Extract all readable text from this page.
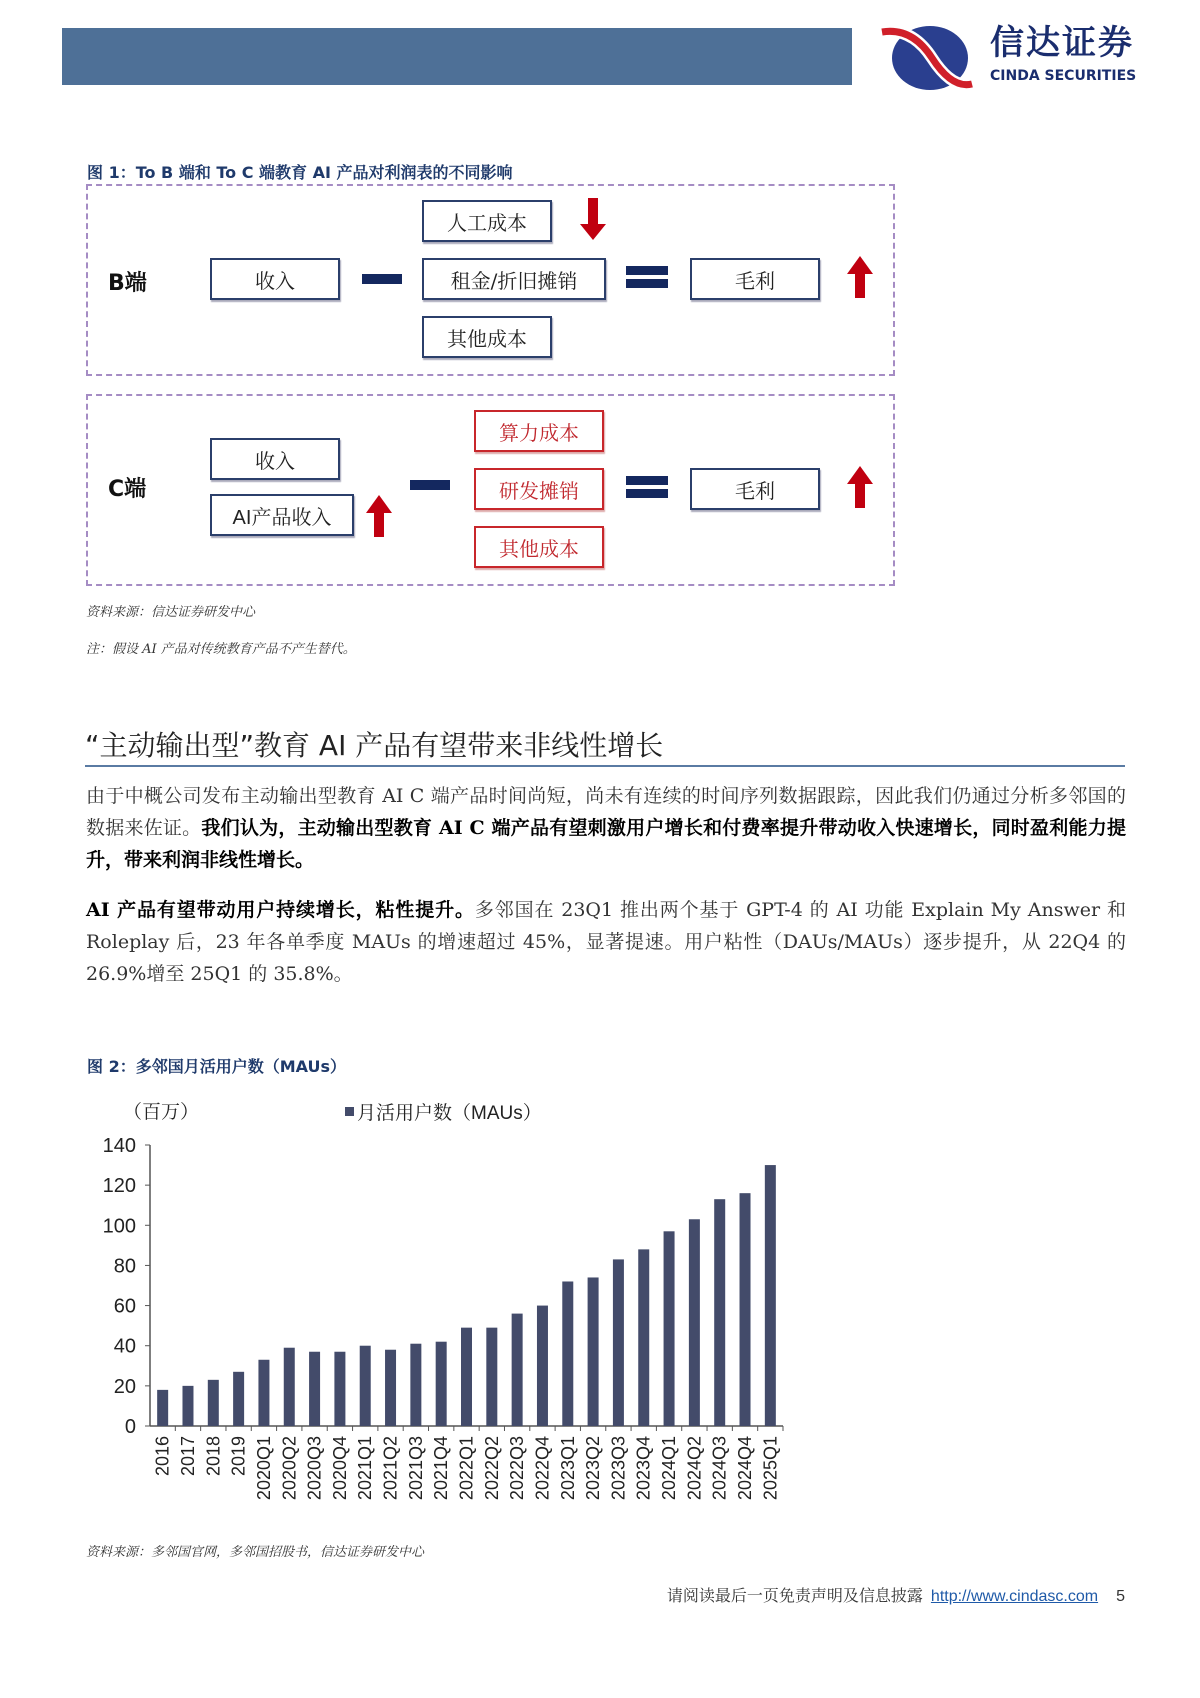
信达证券
CINDA SECURITIES
图 1：To B 端和 To C 端教育 AI 产品对利润表的不同影响
B端	收入
人工成本
租金/折旧摊销
其他成本
毛利
C端
收入
AI产品收入
算力成本
研发摊销
其他成本
毛利
资料来源：信达证券研发中心
注：假设 AI 产品对传统教育产品不产生替代。
“主动输出型”教育 AI 产品有望带来非线性增长
由于中概公司发布主动输出型教育 AI C 端产品时间尚短，尚未有连续的时间序列数据跟踪，因此我们仍通过分析多邻国的数据来佐证。我们认为，主动输出型教育 AI C 端产品有望刺激用户增长和付费率提升带动收入快速增长，同时盈利能力提升，带来利润非线性增长。
AI 产品有望带动用户持续增长，粘性提升。多邻国在 23Q1 推出两个基于 GPT-4 的 AI 功能 Explain My Answer 和 Roleplay 后，23 年各单季度 MAUs 的增速超过 45%，显著提速。用户粘性（DAUs/MAUs）逐步提升，从 22Q4 的 26.9%增至 25Q1 的 35.8%。
图 2：多邻国月活用户数（MAUs）
月活用户数（MAUs）
（百万）
0
20
40
60
80
100
120
140
2016 2017 2018 2019 2020Q1 2020Q2 2020Q3 2020Q4 2021Q1 2021Q2 2021Q3 2021Q4 2022Q1 2022Q2 2022Q3 2022Q4 2023Q1 2023Q2 2023Q3 2023Q4 2024Q1 2024Q2 2024Q3 2024Q4 2025Q1
资料来源：多邻国官网，多邻国招股书，信达证券研发中心
请阅读最后一页免责声明及信息披露 http://www.cindasc.com 5
